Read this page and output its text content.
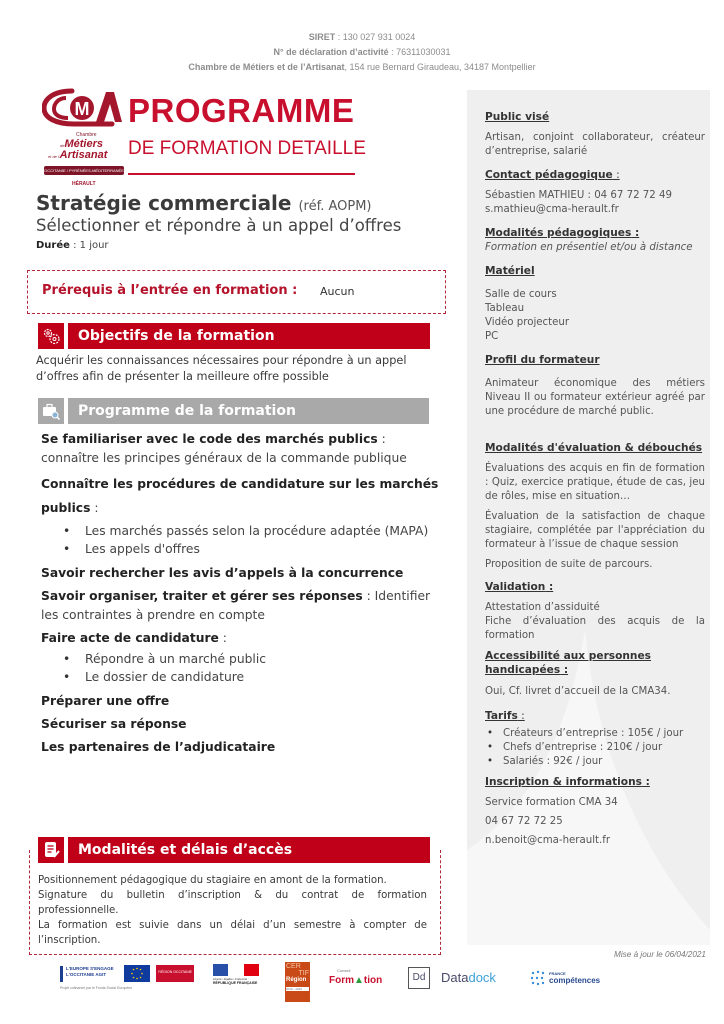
SIRET : 130 027 931 0024
N° de déclaration d’activité : 76311030031
Chambre de Métiers et de l’Artisanat, 154 rue Bernard Giraudeau, 34187 Montpellier
M
Chambre
deMétiers
et de l'Artisanat
OCCITANIE / PYRÉNÉES-MÉDITERRANÉE
HÉRAULT
PROGRAMME
DE FORMATION DETAILLE
Stratégie commerciale (réf. AOPM)
Sélectionner et répondre à un appel d’offres
Durée : 1 jour
Prérequis à l’entrée en formation : Aucun
Objectifs de la formation
Acquérir les connaissances nécessaires pour répondre à un appel d’offres afin de présenter la meilleure offre possible
Programme de la formation
Se familiariser avec le code des marchés publics :
connaître les principes généraux de la commande publique
Connaître les procédures de candidature sur les marchés publics :
• Les marchés passés selon la procédure adaptée (MAPA)
• Les appels d'offres
Savoir rechercher les avis d’appels à la concurrence
Savoir organiser, traiter et gérer ses réponses : Identifier les contraintes à prendre en compte
Faire acte de candidature :
• Répondre à un marché public
• Le dossier de candidature
Préparer une offre
Sécuriser sa réponse
Les partenaires de l’adjudicataire
Modalités et délais d’accès
Positionnement pédagogique du stagiaire en amont de la formation.
Signature du bulletin d’inscription & du contrat de formation professionnelle.
La formation est suivie dans un délai d’un semestre à compter de l’inscription.
Public visé
Artisan, conjoint collaborateur, créateur d’entreprise, salarié
Contact pédagogique :
Sébastien MATHIEU : 04 67 72 72 49
s.mathieu@cma-herault.fr
Modalités pédagogiques :
Formation en présentiel et/ou à distance
Matériel
Salle de cours
Tableau
Vidéo projecteur
PC
Profil du formateur
Animateur économique des métiers Niveau II ou formateur extérieur agréé par une procédure de marché public.
Modalités d'évaluation & débouchés
Évaluations des acquis en fin de formation : Quiz, exercice pratique, étude de cas, jeu de rôles, mise en situation…
Évaluation de la satisfaction de chaque stagiaire, complétée par l'appréciation du formateur à l’issue de chaque session
Proposition de suite de parcours.
Validation :
Attestation d’assiduité
Fiche d’évaluation des acquis de la formation
Accessibilité aux personnes handicapées :
Oui, Cf. livret d’accueil de la CMA34.
Tarifs :
• Créateurs d’entreprise : 105€ / jour
• Chefs d’entreprise : 210€ / jour
• Salariés : 92€ / jour
Inscription & informations :
Service formation CMA 34
04 67 72 72 25
n.benoit@cma-herault.fr
Mise à jour le 06/04/2021
L'EUROPE S'ENGAGE L'OCCITANIE AGIT
Projet cofinancé par le Fonds Social Européen
RÉGION OCCITANIE
Liberté • Égalité • Fraternité
RÉPUBLIQUE FRANÇAISE
CER
TIF
Région
2016 - 2020
Conseil
Form▲tion	Dd	Datadock	FRANCE
compétences
